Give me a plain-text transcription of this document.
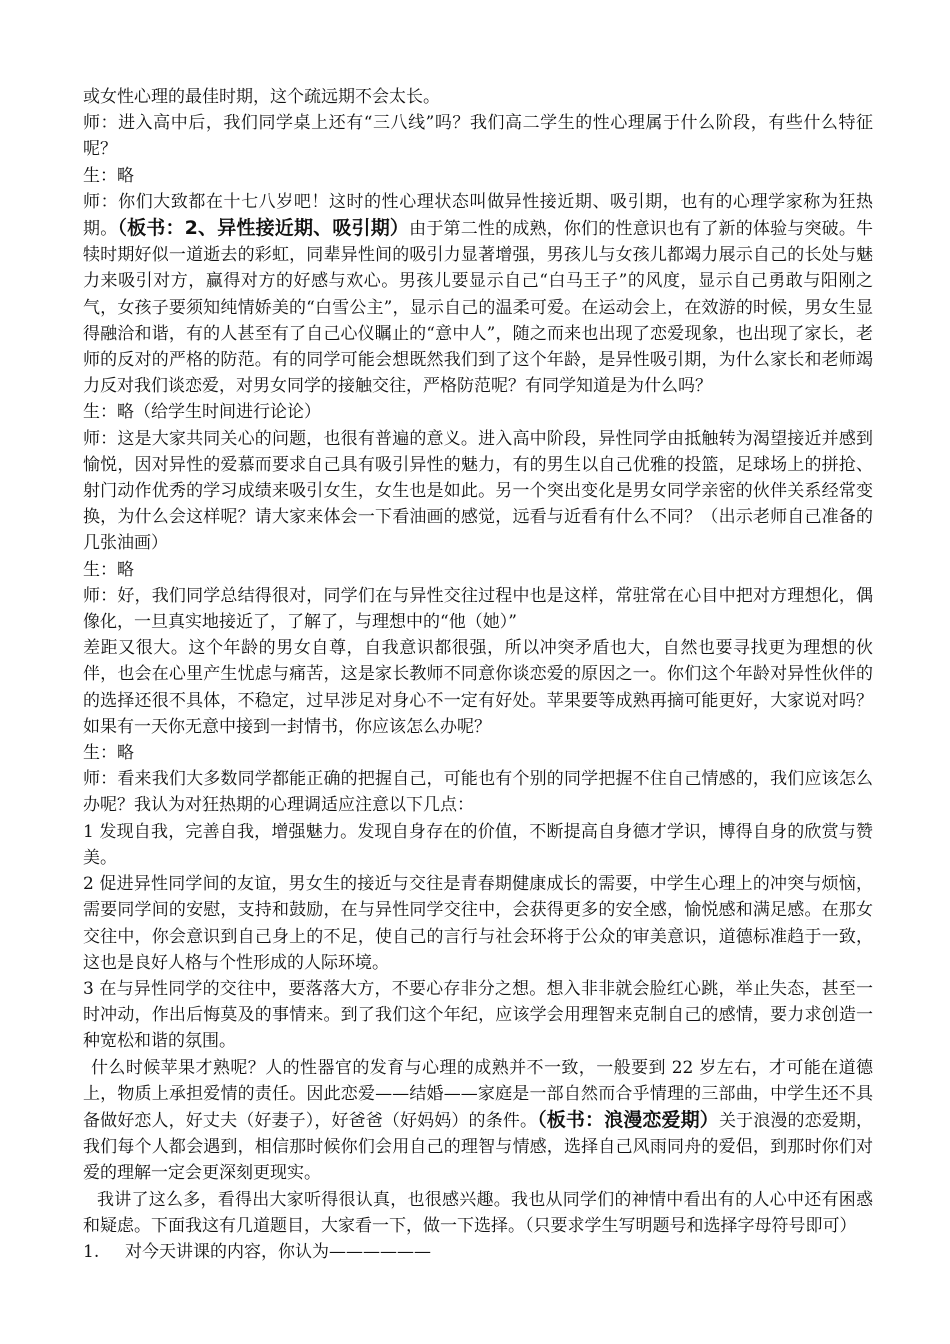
或女性心理的最佳时期，这个疏远期不会太长。

师：进入高中后，我们同学桌上还有“三八线”吗？我们高二学生的性心理属于什么阶段，有些什么特征呢？

生：略

师：你们大致都在十七八岁吧！这时的性心理状态叫做异性接近期、吸引期，也有的心理学家称为狂热期。（板书：2、异性接近期、吸引期）由于第二性的成熟，你们的性意识也有了新的体验与突破。牛犊时期好似一道逝去的彩虹，同辈异性间的吸引力显著增强，男孩儿与女孩儿都竭力展示自己的长处与魅力来吸引对方，赢得对方的好感与欢心。男孩儿要显示自己“白马王子”的风度，显示自己勇敢与阳刚之气，女孩子要须知纯情娇美的“白雪公主”，显示自己的温柔可爱。在运动会上，在效游的时候，男女生显得融洽和谐，有的人甚至有了自己心仪瞩止的“意中人”，随之而来也出现了恋爱现象，也出现了家长，老师的反对的严格的防范。有的同学可能会想既然我们到了这个年龄，是异性吸引期，为什么家长和老师竭力反对我们谈恋爱，对男女同学的接触交往，严格防范呢？有同学知道是为什么吗？

生：略（给学生时间进行论论）

师：这是大家共同关心的问题，也很有普遍的意义。进入高中阶段，异性同学由抵触转为渴望接近并感到愉悦，因对异性的爱慕而要求自己具有吸引异性的魅力，有的男生以自己优雅的投篮，足球场上的拼抢、射门动作优秀的学习成绩来吸引女生，女生也是如此。另一个突出变化是男女同学亲密的伙伴关系经常变换，为什么会这样呢？请大家来体会一下看油画的感觉，远看与近看有什么不同？（出示老师自己准备的几张油画）

生：略

师：好，我们同学总结得很对，同学们在与异性交往过程中也是这样，常驻常在心目中把对方理想化，偶像化，一旦真实地接近了，了解了，与理想中的“他（她）”

差距又很大。这个年龄的男女自尊，自我意识都很强，所以冲突矛盾也大，自然也要寻找更为理想的伙伴，也会在心里产生忧虑与痛苦，这是家长教师不同意你谈恋爱的原因之一。你们这个年龄对异性伙伴的的选择还很不具体，不稳定，过早涉足对身心不一定有好处。苹果要等成熟再摘可能更好，大家说对吗？如果有一天你无意中接到一封情书，你应该怎么办呢？

生：略

师：看来我们大多数同学都能正确的把握自己，可能也有个别的同学把握不住自己情感的，我们应该怎么办呢？我认为对狂热期的心理调适应注意以下几点：

1 发现自我，完善自我，增强魅力。发现自身存在的价值，不断提高自身德才学识，博得自身的欣赏与赞美。

2 促进异性同学间的友谊，男女生的接近与交往是青春期健康成长的需要，中学生心理上的冲突与烦恼，需要同学间的安慰，支持和鼓励，在与异性同学交往中，会获得更多的安全感，愉悦感和满足感。在那女交往中，你会意识到自己身上的不足，使自己的言行与社会环将于公众的审美意识，道德标准趋于一致，这也是良好人格与个性形成的人际环境。

3 在与异性同学的交往中，要落落大方，不要心存非分之想。想入非非就会脸红心跳，举止失态，甚至一时冲动，作出后悔莫及的事情来。到了我们这个年纪，应该学会用理智来克制自己的感情，要力求创造一种宽松和谐的氛围。

什么时候苹果才熟呢？人的性器官的发育与心理的成熟并不一致，一般要到 22 岁左右，才可能在道德上，物质上承担爱情的责任。因此恋爱——结婚——家庭是一部自然而合乎情理的三部曲，中学生还不具备做好恋人，好丈夫（好妻子），好爸爸（好妈妈）的条件。（板书：浪漫恋爱期）关于浪漫的恋爱期，我们每个人都会遇到，相信那时候你们会用自己的理智与情感，选择自己风雨同舟的爱侣，到那时你们对爱的理解一定会更深刻更现实。

我讲了这么多，看得出大家听得很认真，也很感兴趣。我也从同学们的神情中看出有的人心中还有困惑和疑虑。下面我这有几道题目，大家看一下，做一下选择。（只要求学生写明题号和选择字母符号即可）

1. 对今天讲课的内容，你认为——————
